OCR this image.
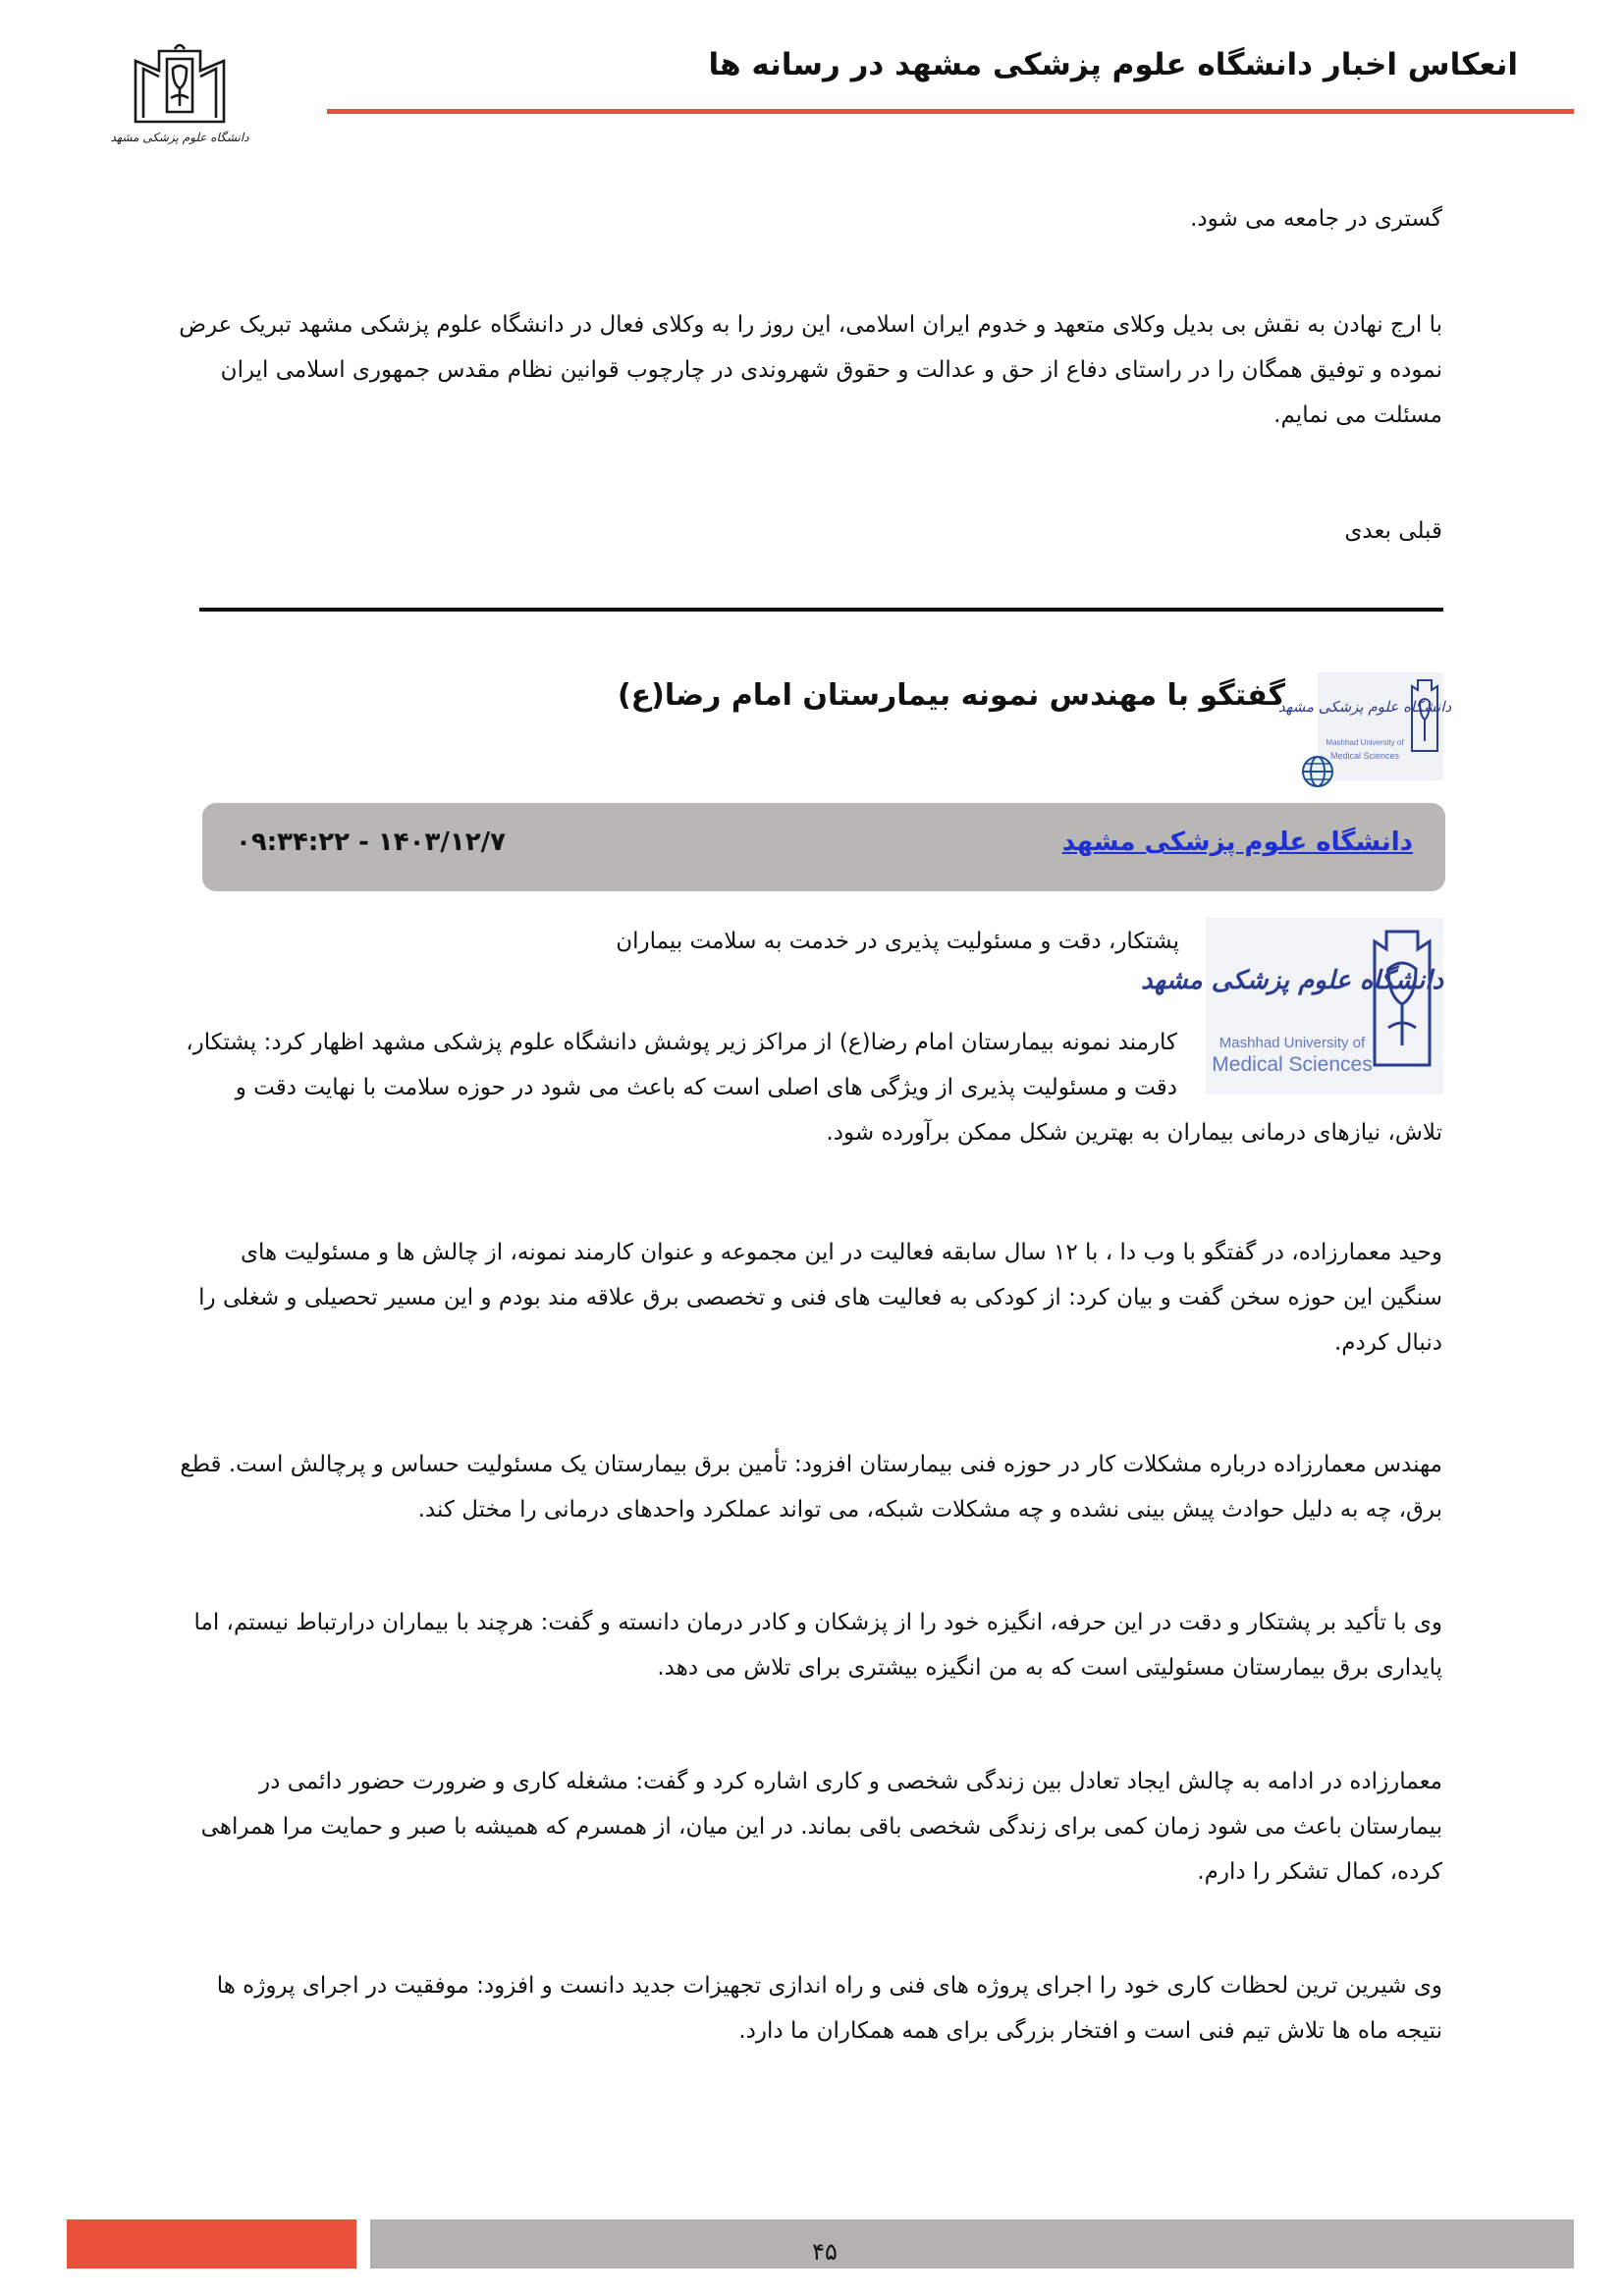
انعکاس اخبار دانشگاه علوم پزشکی مشهد در رسانه ها
دانشگاه علوم پزشکی مشهد
گستری در جامعه می شود.
با ارج نهادن به نقش بی بدیل وکلای متعهد و خدوم ایران اسلامی، این روز را به وکلای فعال در دانشگاه علوم پزشکی مشهد تبریک عرض نموده و توفیق همگان را در راستای دفاع از حق و عدالت و حقوق شهروندی در چارچوب قوانین نظام مقدس جمهوری اسلامی ایران مسئلت می نمایم.
قبلی بعدی
گفتگو با مهندس نمونه بیمارستان امام رضا(ع)
دانشگاه علوم پزشکی مشهد
Mashhad University of
Medical Sciences
دانشگاه علوم پزشکی مشهد
۱۴۰۳/۱۲/۷ - ۰۹:۳۴:۲۲
دانشگاه علوم پزشکی مشهد
Mashhad University of
Medical Sciences
پشتکار، دقت و مسئولیت پذیری در خدمت به سلامت بیماران
کارمند نمونه بیمارستان امام رضا(ع) از مراکز زیر پوشش دانشگاه علوم پزشکی مشهد اظهار کرد: پشتکار، دقت و مسئولیت پذیری از ویژگی های اصلی است که باعث می شود در حوزه سلامت با نهایت دقت و تلاش، نیازهای درمانی بیماران به بهترین شکل ممکن برآورده شود.
وحید معمارزاده، در گفتگو با وب دا ، با ۱۲ سال سابقه فعالیت در این مجموعه و عنوان کارمند نمونه، از چالش ها و مسئولیت های سنگین این حوزه سخن گفت و بیان کرد: از کودکی به فعالیت های فنی و تخصصی برق علاقه مند بودم و این مسیر تحصیلی و شغلی را دنبال کردم.
مهندس معمارزاده درباره مشکلات کار در حوزه فنی بیمارستان افزود: تأمین برق بیمارستان یک مسئولیت حساس و پرچالش است. قطع برق، چه به دلیل حوادث پیش بینی نشده و چه مشکلات شبکه، می تواند عملکرد واحدهای درمانی را مختل کند.
وی با تأکید بر پشتکار و دقت در این حرفه، انگیزه خود را از پزشکان و کادر درمان دانسته و گفت: هرچند با بیماران درارتباط نیستم، اما پایداری برق بیمارستان مسئولیتی است که به من انگیزه بیشتری برای تلاش می دهد.
معمارزاده در ادامه به چالش ایجاد تعادل بین زندگی شخصی و کاری اشاره کرد و گفت: مشغله کاری و ضرورت حضور دائمی در بیمارستان باعث می شود زمان کمی برای زندگی شخصی باقی بماند. در این میان، از همسرم که همیشه با صبر و حمایت مرا همراهی کرده، کمال تشکر را دارم.
وی شیرین ترین لحظات کاری خود را اجرای پروژه های فنی و راه اندازی تجهیزات جدید دانست و افزود: موفقیت در اجرای پروژه ها نتیجه ماه ها تلاش تیم فنی است و افتخار بزرگی برای همه همکاران ما دارد.
۴۵
